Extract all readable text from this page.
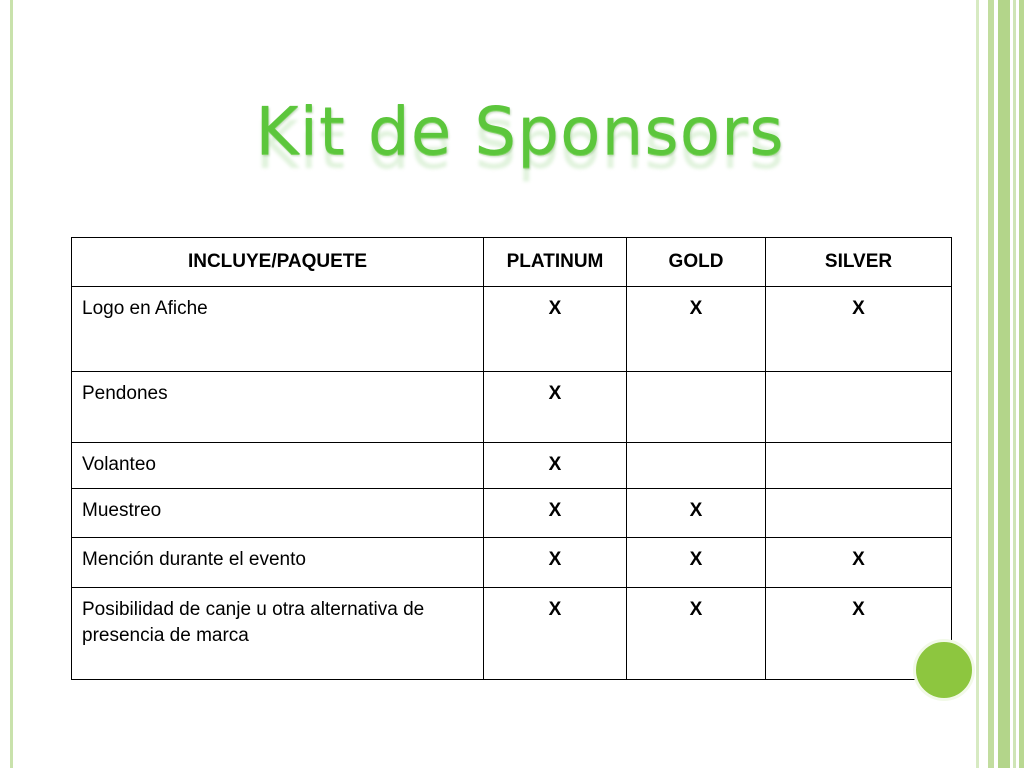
Kit de Sponsors
INCLUYE/PAQUETE	PLATINUM	GOLD	SILVER
Logo en Afiche	X	X	X
Pendones	X		
Volanteo	X		
Muestreo	X	X	
Mención durante el evento	X	X	X
Posibilidad de canje u otra alternativa de presencia de marca	X	X	X
